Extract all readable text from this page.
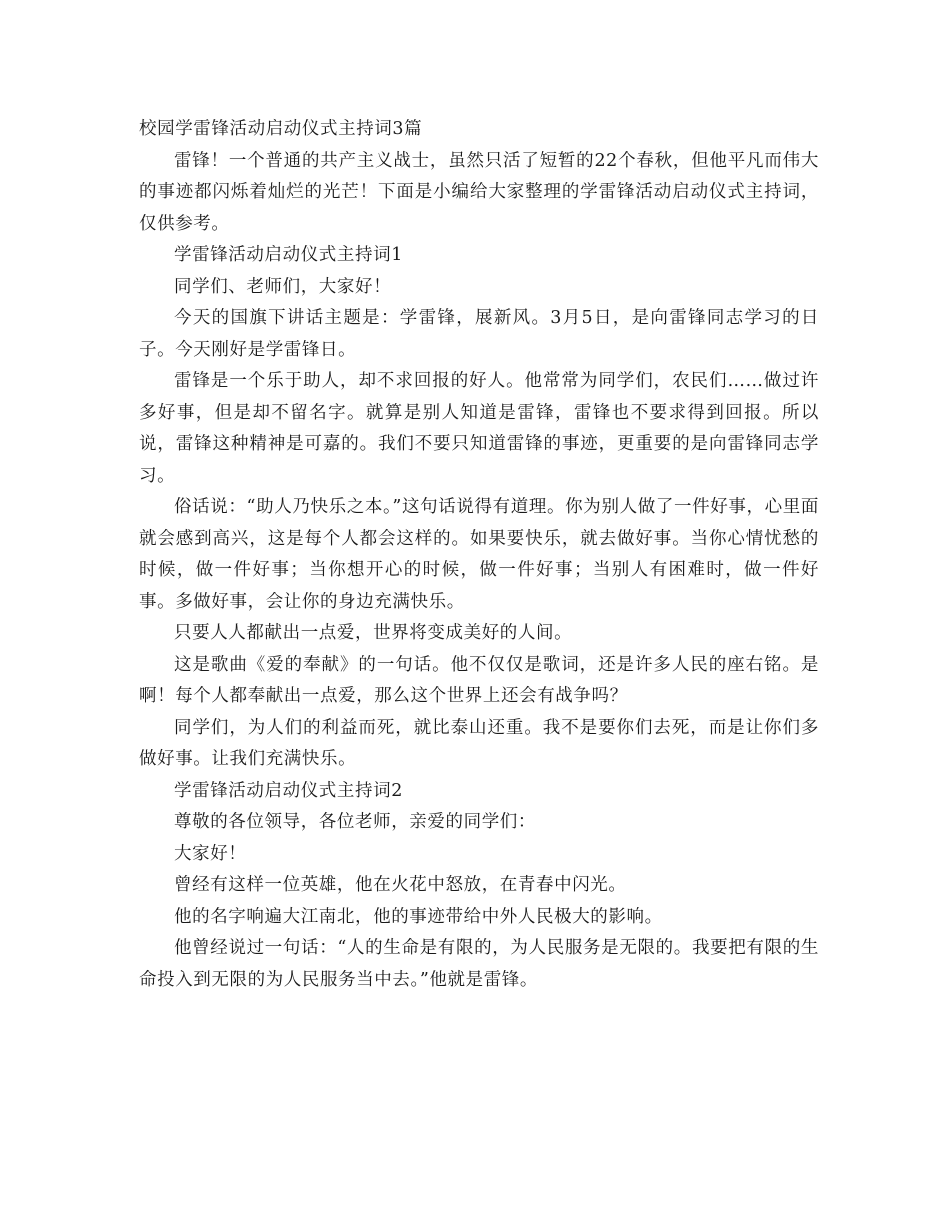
校园学雷锋活动启动仪式主持词3篇

雷锋！一个普通的共产主义战士，虽然只活了短暂的22个春秋，但他平凡而伟大的事迹都闪烁着灿烂的光芒！下面是小编给大家整理的学雷锋活动启动仪式主持词，仅供参考。

学雷锋活动启动仪式主持词1

同学们、老师们，大家好！

今天的国旗下讲话主题是：学雷锋，展新风。3月5日，是向雷锋同志学习的日子。今天刚好是学雷锋日。

雷锋是一个乐于助人，却不求回报的好人。他常常为同学们，农民们……做过许多好事，但是却不留名字。就算是别人知道是雷锋，雷锋也不要求得到回报。所以说，雷锋这种精神是可嘉的。我们不要只知道雷锋的事迹，更重要的是向雷锋同志学习。

俗话说：“助人乃快乐之本。”这句话说得有道理。你为别人做了一件好事，心里面就会感到高兴，这是每个人都会这样的。如果要快乐，就去做好事。当你心情忧愁的时候，做一件好事；当你想开心的时候，做一件好事；当别人有困难时，做一件好事。多做好事，会让你的身边充满快乐。

只要人人都献出一点爱，世界将变成美好的人间。

这是歌曲《爱的奉献》的一句话。他不仅仅是歌词，还是许多人民的座右铭。是啊！每个人都奉献出一点爱，那么这个世界上还会有战争吗？

同学们，为人们的利益而死，就比泰山还重。我不是要你们去死，而是让你们多做好事。让我们充满快乐。

学雷锋活动启动仪式主持词2

尊敬的各位领导，各位老师，亲爱的同学们：

大家好！

曾经有这样一位英雄，他在火花中怒放，在青春中闪光。

他的名字响遍大江南北，他的事迹带给中外人民极大的影响。

他曾经说过一句话：“人的生命是有限的，为人民服务是无限的。我要把有限的生命投入到无限的为人民服务当中去。”他就是雷锋。
